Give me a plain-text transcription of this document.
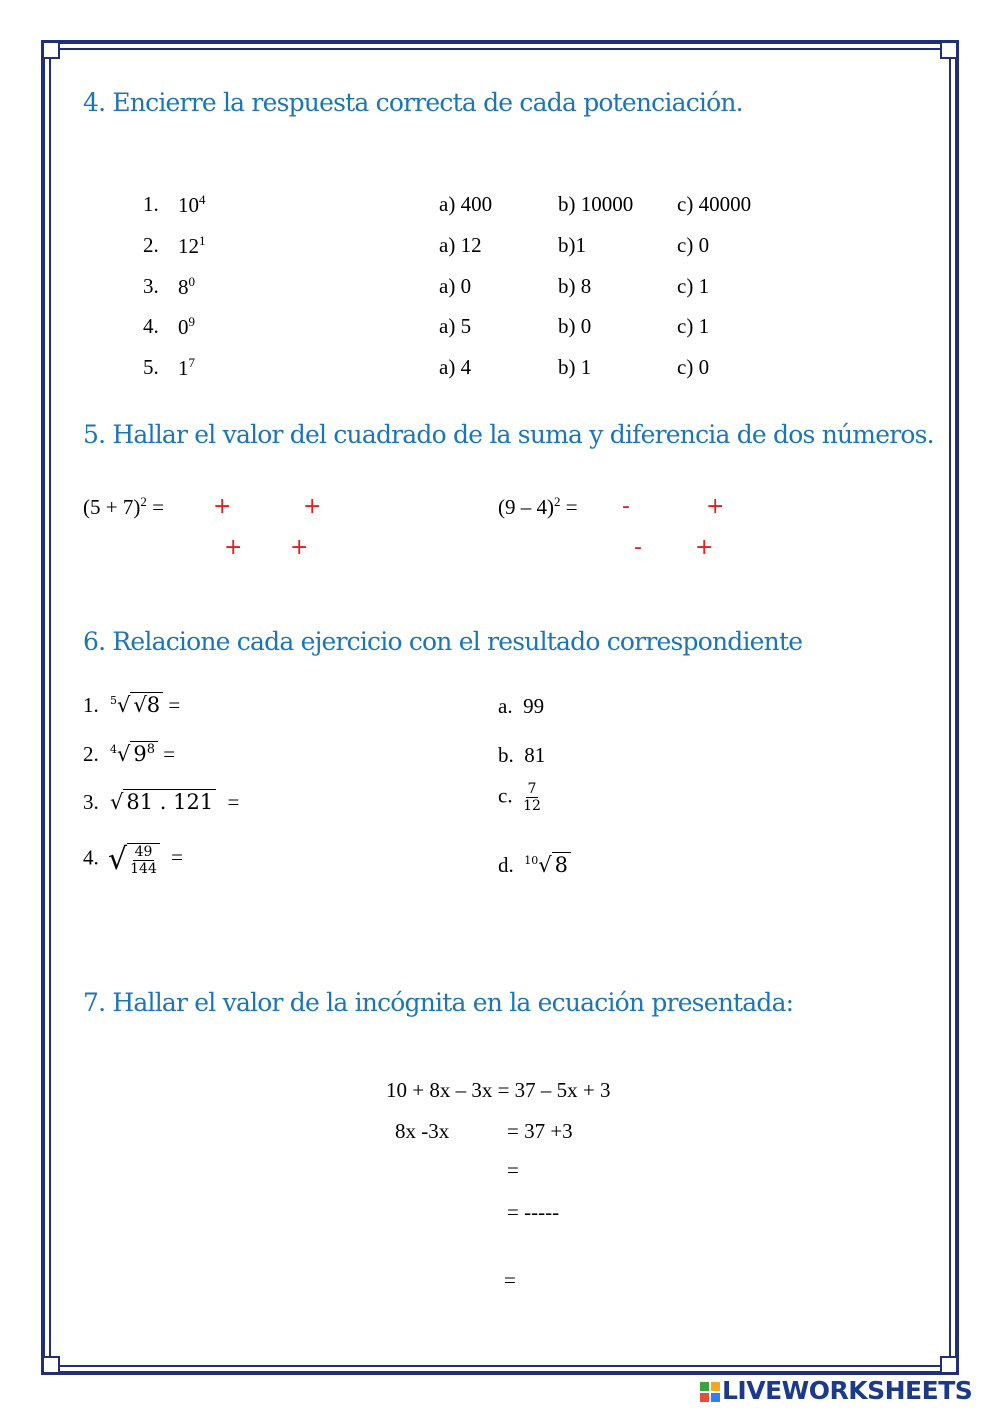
4. Encierre la respuesta correcta de cada potenciación.
1. $10^4$	a) 400	b) 10000 c) 40000
2. $12^1$	a) 12	b)1	c) 0
3. $8^0$	a) 0	b) 8	c) 1
4. $0^9$	a) 5	b) 0	c) 1
5. $1^7$	a) 4	b) 1	c) 0
5. Hallar el valor del cuadrado de la suma y diferencia de dos números.
$(5 + 7)^2$ = +	+
+ +
(9 – 4)$^2$ = -	+
- +
6. Relacione cada ejercicio con el resultado correspondiente
1. $^5$√ √8 =
2. $^4$√ $9^8$ =
3. √ 81 . 121 =
4. √ $\frac{49}{144}$ =
a. 99
b. 81
c. $\frac{7}{12}$
d. $^{10}$√ 8
7. Hallar el valor de la incógnita en la ecuación presentada:
10 + 8x – 3x = 37 – 5x + 3
8x -3x	= 37 +3
=
= -----
=
LIVEWORKSHEETS
